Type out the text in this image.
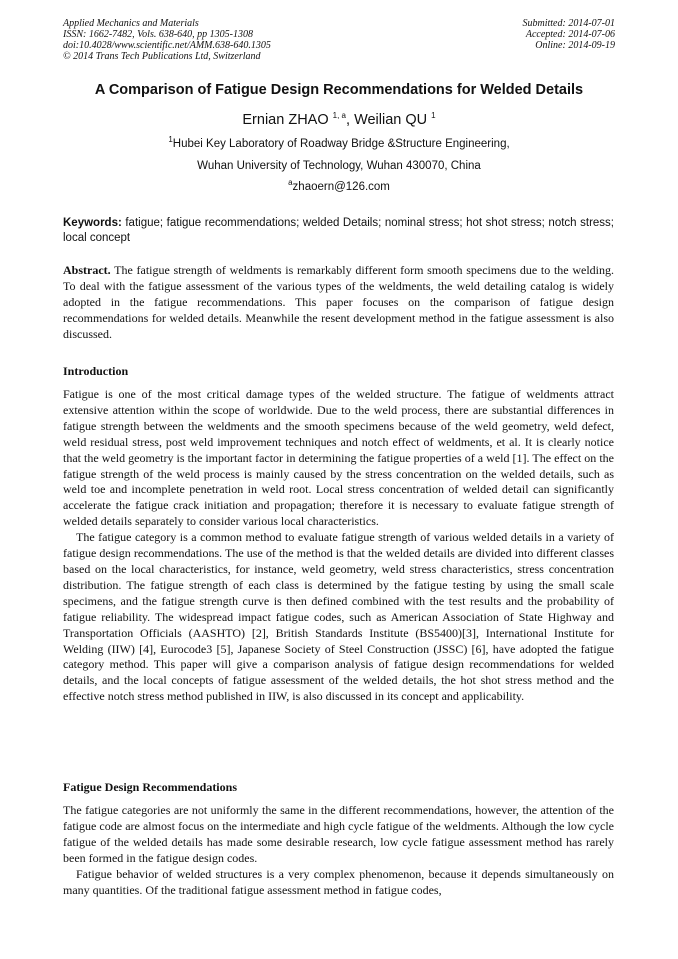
Applied Mechanics and Materials
ISSN: 1662-7482, Vols. 638-640, pp 1305-1308
doi:10.4028/www.scientific.net/AMM.638-640.1305
© 2014 Trans Tech Publications Ltd, Switzerland
Submitted: 2014-07-01
Accepted: 2014-07-06
Online: 2014-09-19
A Comparison of Fatigue Design Recommendations for Welded Details
Ernian ZHAO $^{1, a}$, Weilian QU $^1$
$^1$Hubei Key Laboratory of Roadway Bridge &Structure Engineering,
Wuhan University of Technology, Wuhan 430070, China
$^a$zhaoern@126.com
Keywords: fatigue; fatigue recommendations; welded Details; nominal stress; hot shot stress; notch stress; local concept
Abstract. The fatigue strength of weldments is remarkably different form smooth specimens due to the welding. To deal with the fatigue assessment of the various types of the weldments, the weld detailing catalog is widely adopted in the fatigue recommendations. This paper focuses on the comparison of fatigue design recommendations for welded details. Meanwhile the resent development method in the fatigue assessment is also discussed.
Introduction

Fatigue is one of the most critical damage types of the welded structure. The fatigue of weldments attract extensive attention within the scope of worldwide. Due to the weld process, there are substantial differences in fatigue strength between the weldments and the smooth specimens because of the weld geometry, weld defect, weld residual stress, post weld improvement techniques and notch effect of weldments, et al. It is clearly notice that the weld geometry is the important factor in determining the fatigue properties of a weld [1]. The effect on the fatigue strength of the weld process is mainly caused by the stress concentration on the welded details, such as weld toe and incomplete penetration in weld root. Local stress concentration of welded detail can significantly accelerate the fatigue crack initiation and propagation; therefore it is necessary to evaluate fatigue strength of welded details separately to consider various local characteristics.

The fatigue category is a common method to evaluate fatigue strength of various welded details in a variety of fatigue design recommendations. The use of the method is that the welded details are divided into different classes based on the local characteristics, for instance, weld geometry, weld stress characteristics, stress concentration distribution. The fatigue strength of each class is determined by the fatigue testing by using the small scale specimens, and the fatigue strength curve is then defined combined with the test results and the probability of fatigue reliability. The widespread impact fatigue codes, such as American Association of State Highway and Transportation Officials (AASHTO) [2], British Standards Institute (BS5400)[3], International Institute for Welding (IIW) [4], Eurocode3 [5], Japanese Society of Steel Construction (JSSC) [6], have adopted the fatigue category method. This paper will give a comparison analysis of fatigue design recommendations for welded details, and the local concepts of fatigue assessment of the welded details, the hot shot stress method and the effective notch stress method published in IIW, is also discussed in its concept and applicability.

Fatigue Design Recommendations

The fatigue categories are not uniformly the same in the different recommendations, however, the attention of the fatigue code are almost focus on the intermediate and high cycle fatigue of the weldments. Although the low cycle fatigue of the welded details has made some desirable research, low cycle fatigue assessment method has rarely been formed in the fatigue design codes.

Fatigue behavior of welded structures is a very complex phenomenon, because it depends simultaneously on many quantities. Of the traditional fatigue assessment method in fatigue codes,
